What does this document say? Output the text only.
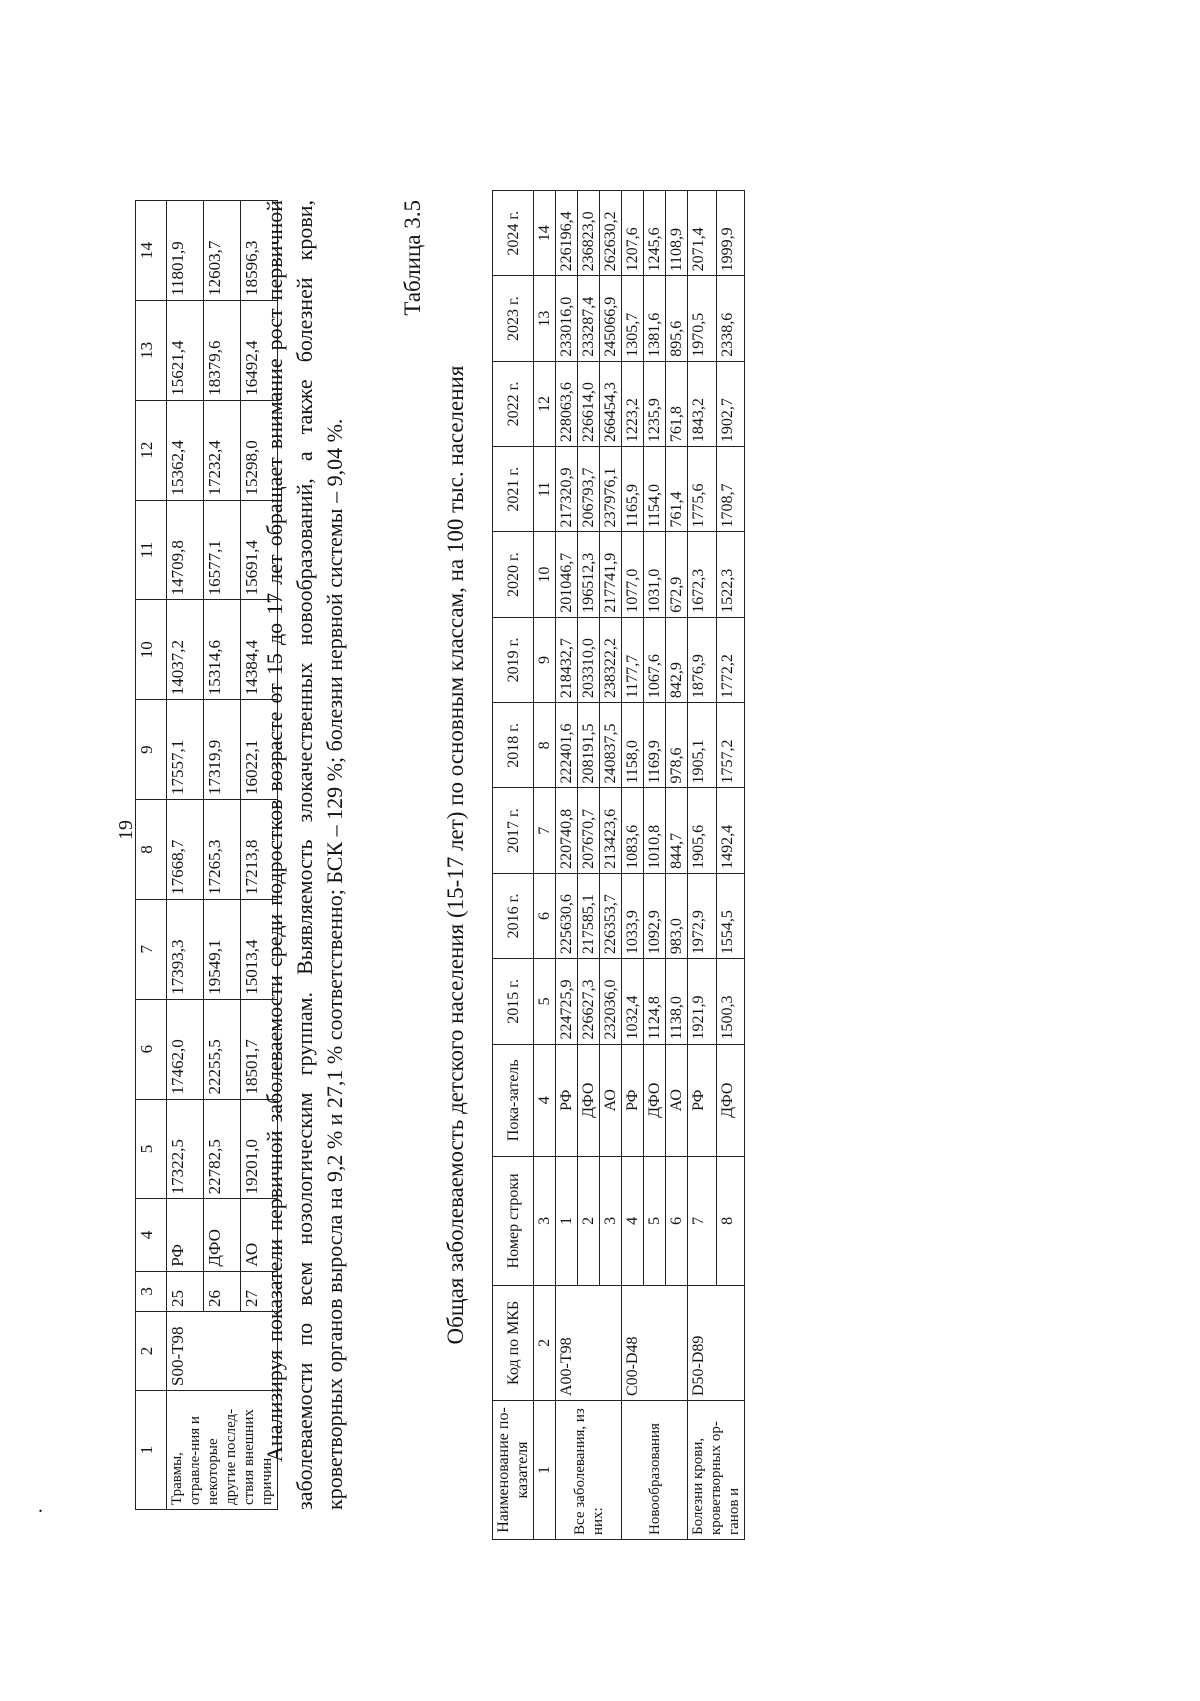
19
1	2	3	4	5	6	7	8	9	10	11	12	13	14
Травмы, отравле-ния и некоторые другие послед-ствия внешних причин	S00-T98	25	РФ	17322,5	17462,0	17393,3	17668,7	17557,1	14037,2	14709,8	15362,4	15621,4	11801,9
		26	ДФО	22782,5	22255,5	19549,1	17265,3	17319,9	15314,6	16577,1	17232,4	18379,6	12603,7
		27	АО	19201,0	18501,7	15013,4	17213,8	16022,1	14384,4	15691,4	15298,0	16492,4	18596,3 Анализируя показатели первичной заболеваемости среди подростков возрасте от 15 до 17 лет обращает внимание рост первичной заболеваемости по всем нозологическим группам. Выявляемость злокачественных новообразований, а также болезней крови, кроветворных органов выросла на 9,2 % и 27,1 % соответственно; БСК – 129 %; болезни нервной системы – 9,04 %.
Таблица 3.5
Общая заболеваемость детского населения (15-17 лет) по основным классам, на 100 тыс. населения
Наименование по-казателя	Код по МКБ	Номер строки	Пока-затель	2015 г.	2016 г.	2017 г.	2018 г.	2019 г.	2020 г.	2021 г.	2022 г.	2023 г.	2024 г.
1	2	3	4	5	6	7	8	9	10	11	12	13	14
Все заболевания, из них:	A00-T98	1	РФ	224725,9	225630,6	220740,8	222401,6	218432,7	201046,7	217320,9	228063,6	233016,0	226196,4
		2	ДФО	226627,3	217585,1	207670,7	208191,5	203310,0	196512,3	206793,7	226614,0	233287,4	236823,0
		3	АО	232036,0	226353,7	213423,6	240837,5	238322,2	217741,9	237976,1	266454,3	245066,9	262630,2
Новообразования	C00-D48	4	РФ	1032,4	1033,9	1083,6	1158,0	1177,7	1077,0	1165,9	1223,2	1305,7	1207,6
		5	ДФО	1124,8	1092,9	1010,8	1169,9	1067,6	1031,0	1154,0	1235,9	1381,6	1245,6
		6	АО	1138,0	983,0	844,7	978,6	842,9	672,9	761,4	761,8	895,6	1108,9
Болезни крови, кроветворных ор-ганов и	D50-D89	7	РФ	1921,9	1972,9	1905,6	1905,1	1876,9	1672,3	1775,6	1843,2	1970,5	2071,4
		8	ДФО	1500,3	1554,5	1492,4	1757,2	1772,2	1522,3	1708,7	1902,7	2338,6	1999,9
.
